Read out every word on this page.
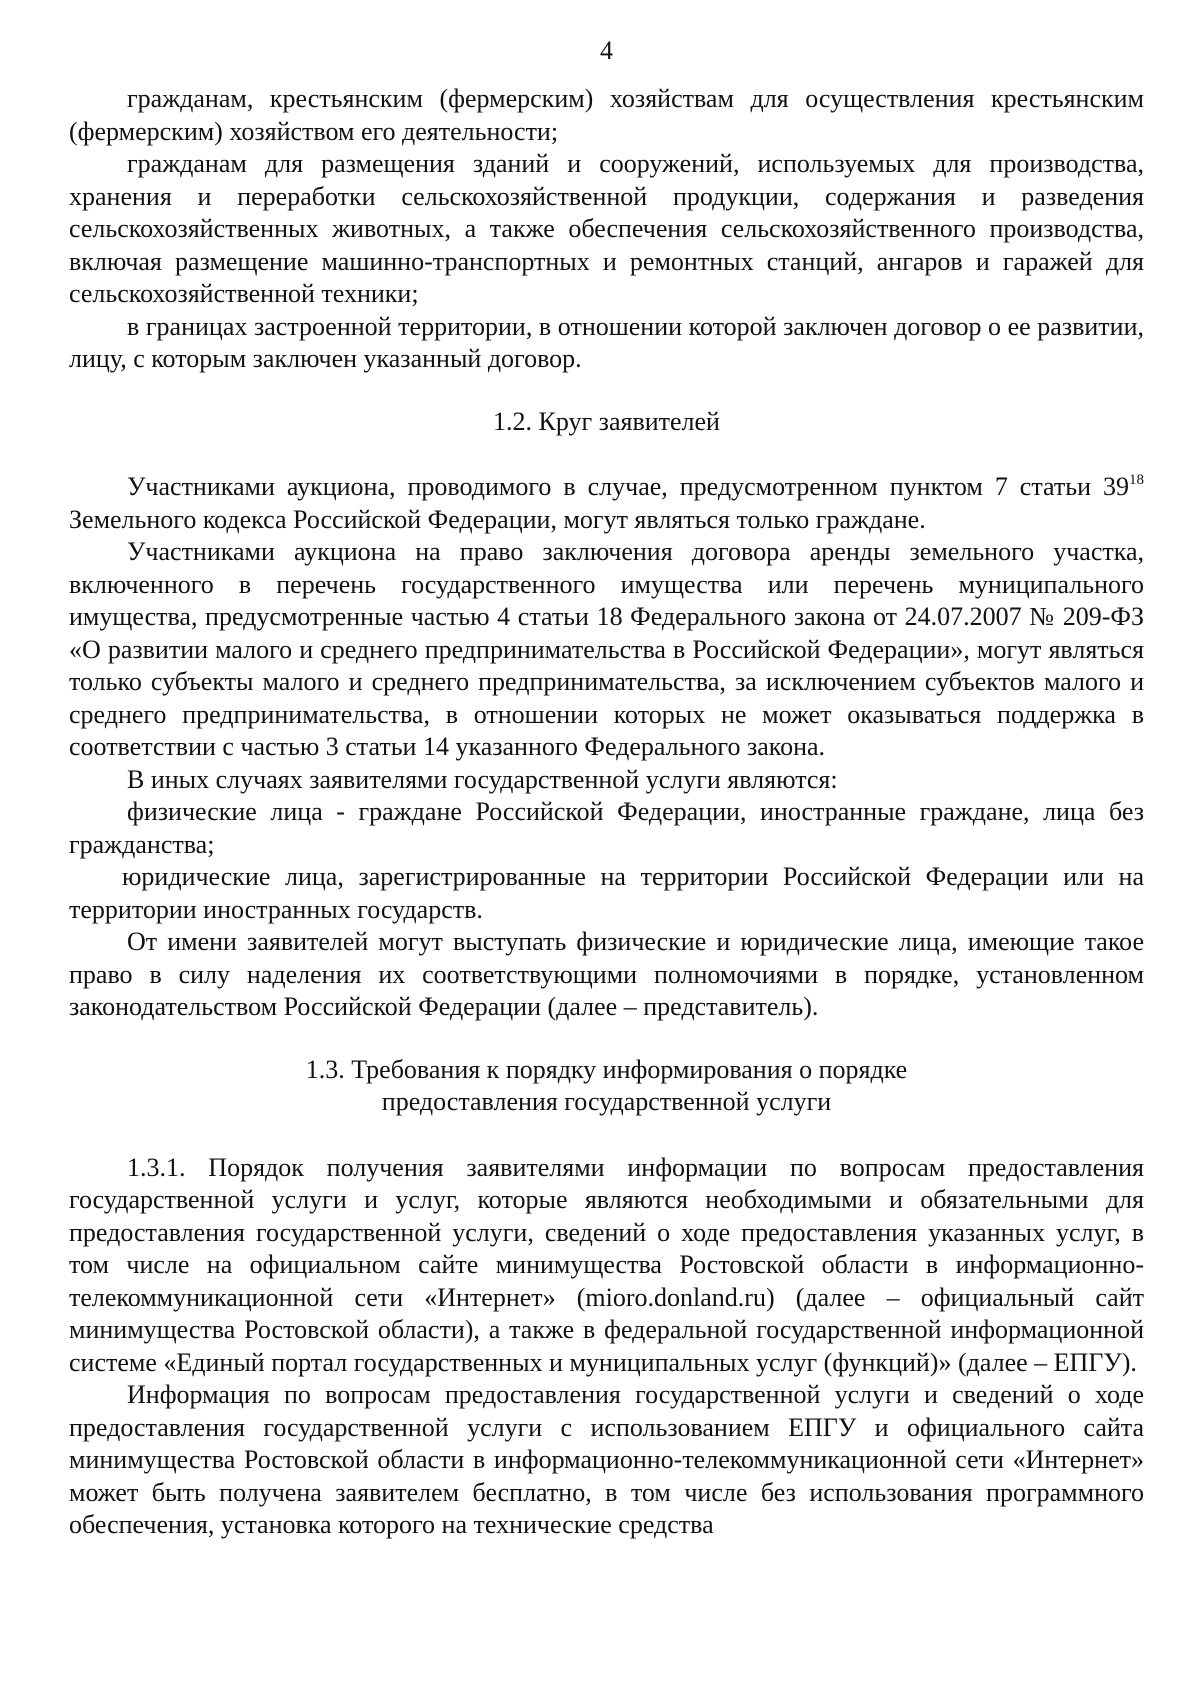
4

гражданам, крестьянским (фермерским) хозяйствам для осуществления крестьянским (фермерским) хозяйством его деятельности;

гражданам для размещения зданий и сооружений, используемых для производства, хранения и переработки сельскохозяйственной продукции, содержания и разведения сельскохозяйственных животных, а также обеспечения сельскохозяйственного производства, включая размещение машинно-транспортных и ремонтных станций, ангаров и гаражей для сельскохозяйственной техники;

в границах застроенной территории, в отношении которой заключен договор о ее развитии, лицу, с которым заключен указанный договор.

1.2. Круг заявителей

Участниками аукциона, проводимого в случае, предусмотренном пунктом 7 статьи $39^{18}$ Земельного кодекса Российской Федерации, могут являться только граждане.

Участниками аукциона на право заключения договора аренды земельного участка, включенного в перечень государственного имущества или перечень муниципального имущества, предусмотренные частью 4 статьи 18 Федерального закона от 24.07.2007 № 209-ФЗ «О развитии малого и среднего предпринимательства в Российской Федерации», могут являться только субъекты малого и среднего предпринимательства, за исключением субъектов малого и среднего предпринимательства, в отношении которых не может оказываться поддержка в соответствии с частью 3 статьи 14 указанного Федерального закона.

В иных случаях заявителями государственной услуги являются:

физические лица - граждане Российской Федерации, иностранные граждане, лица без гражданства;

юридические лица, зарегистрированные на территории Российской Федерации или на территории иностранных государств.

От имени заявителей могут выступать физические и юридические лица, имеющие такое право в силу наделения их соответствующими полномочиями в порядке, установленном законодательством Российской Федерации (далее – представитель).

1.3. Требования к порядку информирования о порядке
предоставления государственной услуги

1.3.1. Порядок получения заявителями информации по вопросам предоставления государственной услуги и услуг, которые являются необходимыми и обязательными для предоставления государственной услуги, сведений о ходе предоставления указанных услуг, в том числе на официальном сайте минимущества Ростовской области в информационно-телекоммуникационной сети «Интернет» (mioro.donland.ru) (далее – официальный сайт минимущества Ростовской области), а также в федеральной государственной информационной системе «Единый портал государственных и муниципальных услуг (функций)» (далее – ЕПГУ).

Информация по вопросам предоставления государственной услуги и сведений о ходе предоставления государственной услуги с использованием ЕПГУ и официального сайта минимущества Ростовской области в информационно-телекоммуникационной сети «Интернет» может быть получена заявителем бесплатно, в том числе без использования программного обеспечения, установка которого на технические средства
